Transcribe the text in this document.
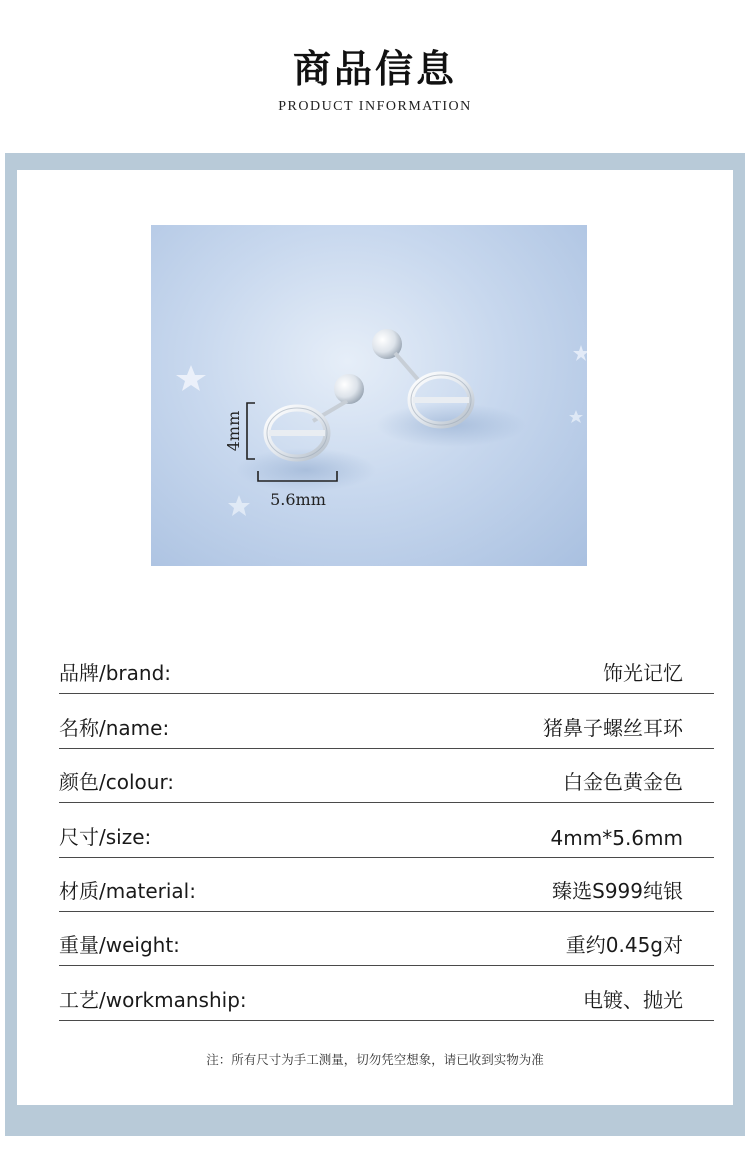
商品信息
PRODUCT INFORMATION
4mm
5.6mm
品牌/brand:	饰光记忆
名称/name:	猪鼻子螺丝耳环
颜色/colour:	白金色黄金色
尺寸/size:	4mm*5.6mm
材质/material:	臻选S999纯银
重量/weight:	重约0.45g对
工艺/workmanship:	电镀、抛光
注：所有尺寸为手工测量，切勿凭空想象，请已收到实物为准
